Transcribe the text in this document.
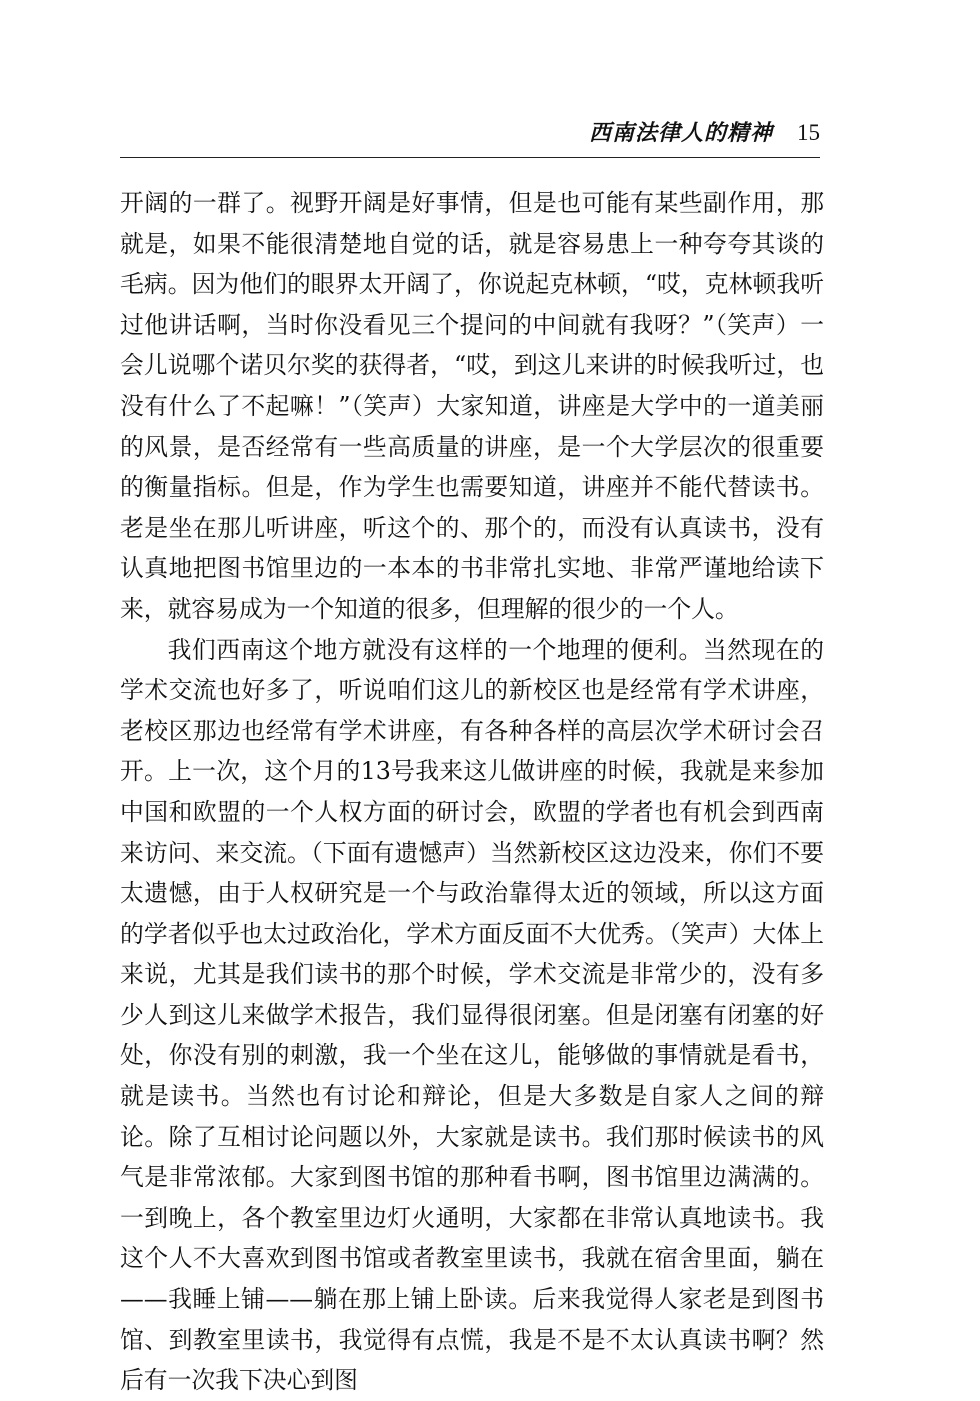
西南法律人的精神 15

开阔的一群了。视野开阔是好事情，但是也可能有某些副作用，那就是，如果不能很清楚地自觉的话，就是容易患上一种夸夸其谈的毛病。因为他们的眼界太开阔了，你说起克林顿，“哎，克林顿我听过他讲话啊，当时你没看见三个提问的中间就有我呀？”（笑声）一会儿说哪个诺贝尔奖的获得者，“哎，到这儿来讲的时候我听过，也没有什么了不起嘛！”（笑声）大家知道，讲座是大学中的一道美丽的风景，是否经常有一些高质量的讲座，是一个大学层次的很重要的衡量指标。但是，作为学生也需要知道，讲座并不能代替读书。老是坐在那儿听讲座，听这个的、那个的，而没有认真读书，没有认真地把图书馆里边的一本本的书非常扎实地、非常严谨地给读下来，就容易成为一个知道的很多，但理解的很少的一个人。

我们西南这个地方就没有这样的一个地理的便利。当然现在的学术交流也好多了，听说咱们这儿的新校区也是经常有学术讲座，老校区那边也经常有学术讲座，有各种各样的高层次学术研讨会召开。上一次，这个月的13号我来这儿做讲座的时候，我就是来参加中国和欧盟的一个人权方面的研讨会，欧盟的学者也有机会到西南来访问、来交流。（下面有遗憾声）当然新校区这边没来，你们不要太遗憾，由于人权研究是一个与政治靠得太近的领域，所以这方面的学者似乎也太过政治化，学术方面反面不大优秀。（笑声）大体上来说，尤其是我们读书的那个时候，学术交流是非常少的，没有多少人到这儿来做学术报告，我们显得很闭塞。但是闭塞有闭塞的好处，你没有别的刺激，我一个坐在这儿，能够做的事情就是看书，就是读书。当然也有讨论和辩论，但是大多数是自家人之间的辩论。除了互相讨论问题以外，大家就是读书。我们那时候读书的风气是非常浓郁。大家到图书馆的那种看书啊，图书馆里边满满的。一到晚上，各个教室里边灯火通明，大家都在非常认真地读书。我这个人不大喜欢到图书馆或者教室里读书，我就在宿舍里面，躺在——我睡上铺——躺在那上铺上卧读。后来我觉得人家老是到图书馆、到教室里读书，我觉得有点慌，我是不是不太认真读书啊？然后有一次我下决心到图
